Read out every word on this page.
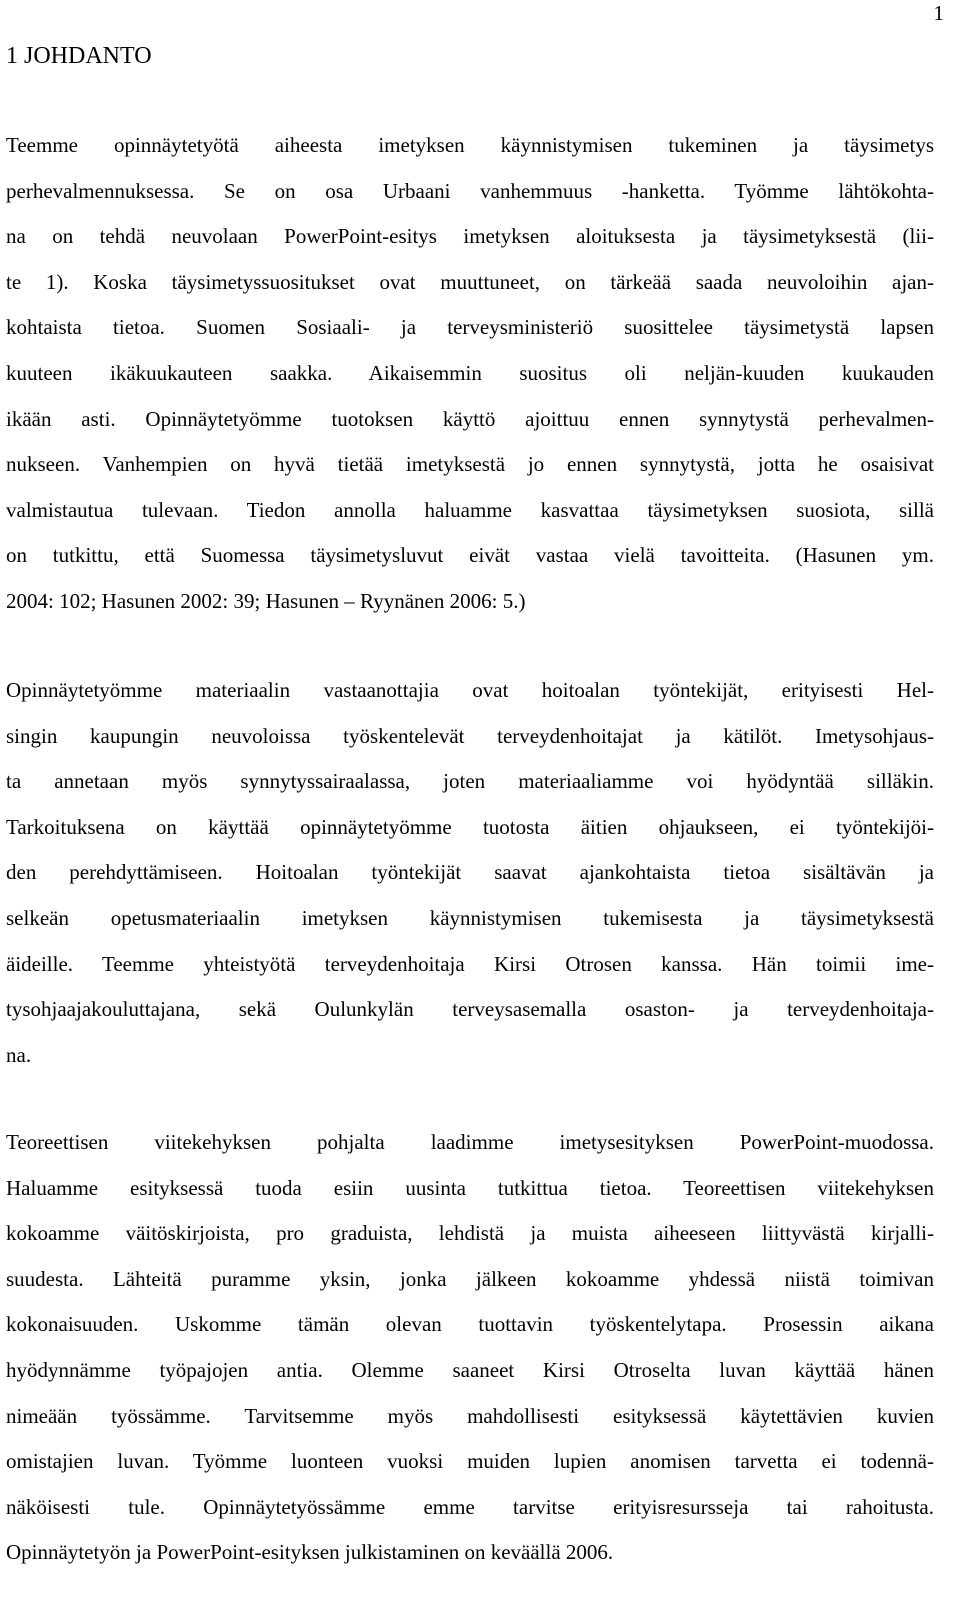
1

1 JOHDANTO

Teemme opinnäytetyötä aiheesta imetyksen käynnistymisen tukeminen ja täysimetys
perhevalmennuksessa. Se on osa Urbaani vanhemmuus -hanketta. Työmme lähtökohta-
na on tehdä neuvolaan PowerPoint-esitys imetyksen aloituksesta ja täysimetyksestä (lii-
te 1). Koska täysimetyssuositukset ovat muuttuneet, on tärkeää saada neuvoloihin ajan-
kohtaista tietoa. Suomen Sosiaali- ja terveysministeriö suosittelee täysimetystä lapsen
kuuteen ikäkuukauteen saakka. Aikaisemmin suositus oli neljän-kuuden kuukauden
ikään asti. Opinnäytetyömme tuotoksen käyttö ajoittuu ennen synnytystä perhevalmen-
nukseen. Vanhempien on hyvä tietää imetyksestä jo ennen synnytystä, jotta he osaisivat
valmistautua tulevaan. Tiedon annolla haluamme kasvattaa täysimetyksen suosiota, sillä
on tutkittu, että Suomessa täysimetysluvut eivät vastaa vielä tavoitteita. (Hasunen ym.
2004: 102; Hasunen 2002: 39; Hasunen – Ryynänen 2006: 5.)

Opinnäytetyömme materiaalin vastaanottajia ovat hoitoalan työntekijät, erityisesti Hel-
singin kaupungin neuvoloissa työskentelevät terveydenhoitajat ja kätilöt. Imetysohjaus-
ta annetaan myös synnytyssairaalassa, joten materiaaliamme voi hyödyntää silläkin.
Tarkoituksena on käyttää opinnäytetyömme tuotosta äitien ohjaukseen, ei työntekijöi-
den perehdyttämiseen. Hoitoalan työntekijät saavat ajankohtaista tietoa sisältävän ja
selkeän opetusmateriaalin imetyksen käynnistymisen tukemisesta ja täysimetyksestä
äideille. Teemme yhteistyötä terveydenhoitaja Kirsi Otrosen kanssa. Hän toimii ime-
tysohjaajakouluttajana, sekä Oulunkylän terveysasemalla osaston- ja terveydenhoitaja-
na.

Teoreettisen viitekehyksen pohjalta laadimme imetysesityksen PowerPoint-muodossa.
Haluamme esityksessä tuoda esiin uusinta tutkittua tietoa. Teoreettisen viitekehyksen
kokoamme väitöskirjoista, pro graduista, lehdistä ja muista aiheeseen liittyvästä kirjalli-
suudesta. Lähteitä puramme yksin, jonka jälkeen kokoamme yhdessä niistä toimivan
kokonaisuuden. Uskomme tämän olevan tuottavin työskentelytapa. Prosessin aikana
hyödynnämme työpajojen antia. Olemme saaneet Kirsi Otroselta luvan käyttää hänen
nimeään työssämme. Tarvitsemme myös mahdollisesti esityksessä käytettävien kuvien
omistajien luvan. Työmme luonteen vuoksi muiden lupien anomisen tarvetta ei todennä-
näköisesti tule. Opinnäytetyössämme emme tarvitse erityisresursseja tai rahoitusta.
Opinnäytetyön ja PowerPoint-esityksen julkistaminen on keväällä 2006.
